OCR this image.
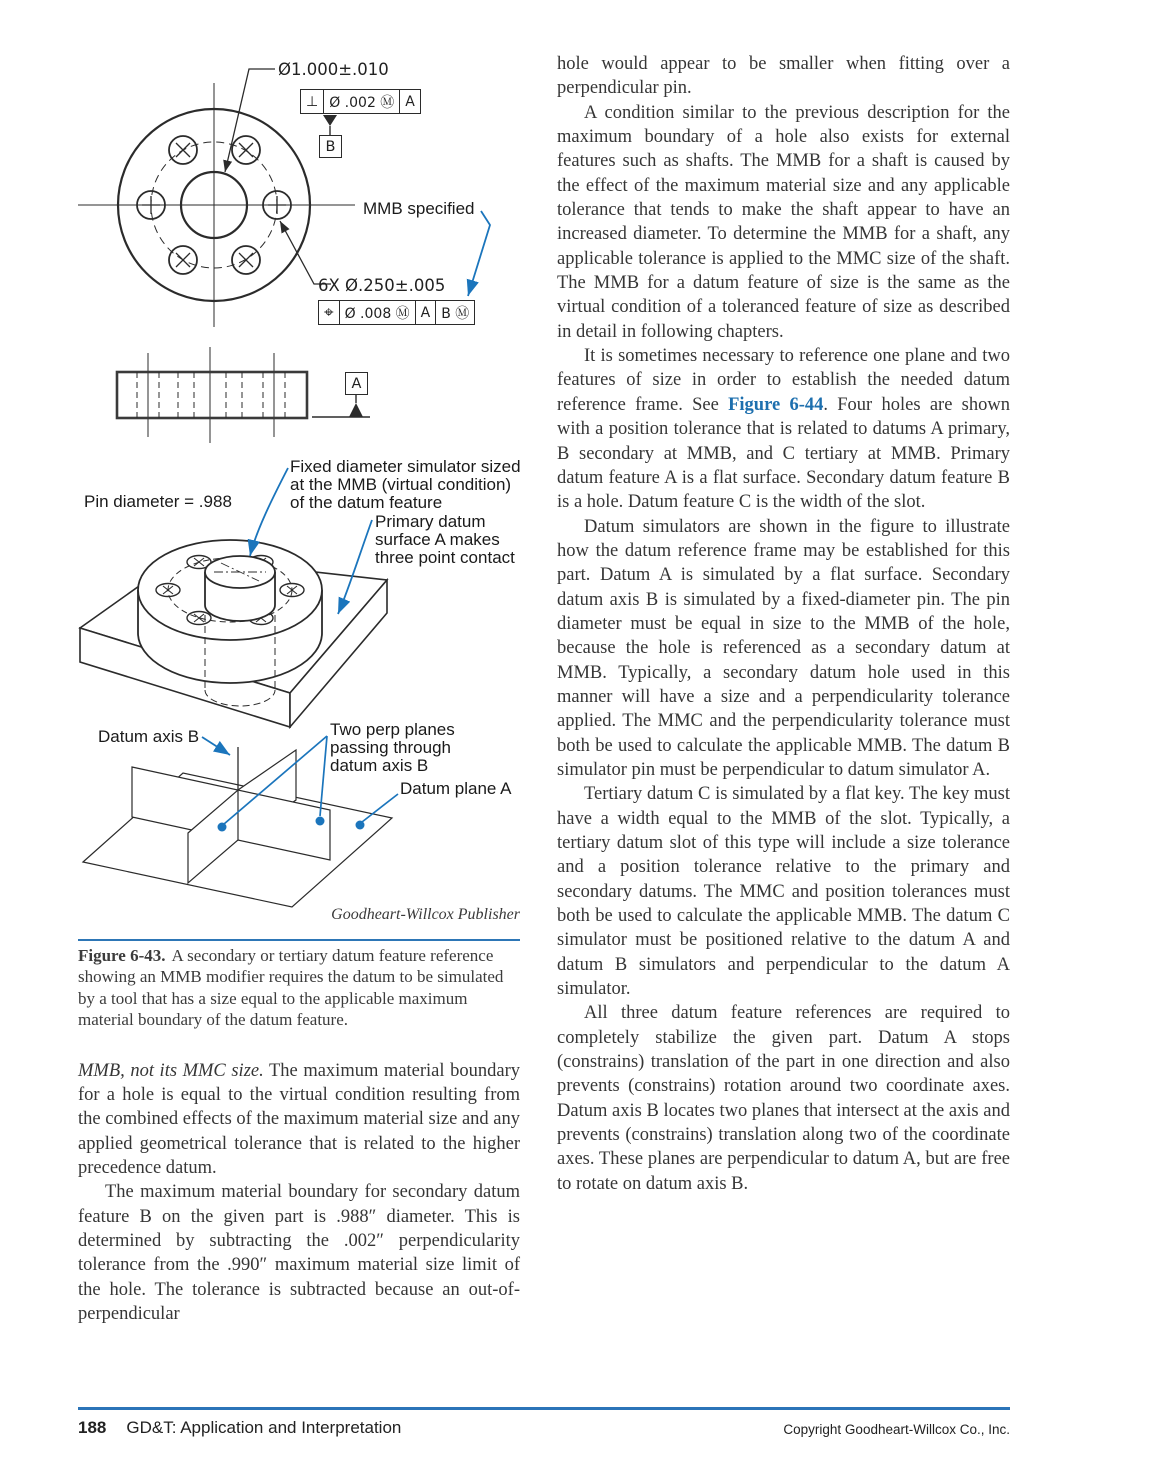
Ø1.000±.010
⊥ Ø .002 Ⓜ A
B
MMB specified
6X Ø.250±.005
⌖ Ø .008 Ⓜ A B Ⓜ
A
Fixed diameter simulator sized
at the MMB (virtual condition)
of the datum feature
Pin diameter = .988
Primary datum
surface A makes
three point contact
Datum axis B	Two perp planes
passing through
datum axis B
Datum plane A
Goodheart-Willcox Publisher

Figure 6-43. A secondary or tertiary datum feature reference showing an MMB modifier requires the datum to be simulated by a tool that has a size equal to the applicable maximum material boundary of the datum feature.

MMB, not its MMC size. The maximum material boundary for a hole is equal to the virtual condition resulting from the combined effects of the maximum material size and any applied geometrical tolerance that is related to the higher precedence datum.

The maximum material boundary for secondary datum feature B on the given part is .988″ diameter. This is determined by subtracting the .002″ perpendicularity tolerance from the .990″ maximum material size limit of the hole. The tolerance is subtracted because an out-of-perpendicular

hole would appear to be smaller when fitting over a perpendicular pin.

A condition similar to the previous description for the maximum boundary of a hole also exists for external features such as shafts. The MMB for a shaft is caused by the effect of the maximum material size and any applicable tolerance that tends to make the shaft appear to have an increased diameter. To determine the MMB for a shaft, any applicable tolerance is applied to the MMC size of the shaft. The MMB for a datum feature of size is the same as the virtual condition of a toleranced feature of size as described in detail in following chapters.

It is sometimes necessary to reference one plane and two features of size in order to establish the needed datum reference frame. See Figure 6-44. Four holes are shown with a position tolerance that is related to datums A primary, B secondary at MMB, and C tertiary at MMB. Primary datum feature A is a flat surface. Secondary datum feature B is a hole. Datum feature C is the width of the slot.

Datum simulators are shown in the figure to illustrate how the datum reference frame may be established for this part. Datum A is simulated by a flat surface. Secondary datum axis B is simulated by a fixed-diameter pin. The pin diameter must be equal in size to the MMB of the hole, because the hole is referenced as a secondary datum at MMB. Typically, a secondary datum hole used in this manner will have a size and a perpendicularity tolerance applied. The MMC and the perpendicularity tolerance must both be used to calculate the applicable MMB. The datum B simulator pin must be perpendicular to datum simulator A.

Tertiary datum C is simulated by a flat key. The key must have a width equal to the MMB of the slot. Typically, a tertiary datum slot of this type will include a size tolerance and a position tolerance relative to the primary and secondary datums. The MMC and position tolerances must both be used to calculate the applicable MMB. The datum C simulator must be positioned relative to the datum A and datum B simulators and perpendicular to the datum A simulator.

All three datum feature references are required to completely stabilize the given part. Datum A stops (constrains) translation of the part in one direction and also prevents (constrains) rotation around two coordinate axes. Datum axis B locates two planes that intersect at the axis and prevents (constrains) translation along two of the coordinate axes. These planes are perpendicular to datum A, but are free to rotate on datum axis B.

188 GD&T: Application and Interpretation	Copyright Goodheart-Willcox Co., Inc.
